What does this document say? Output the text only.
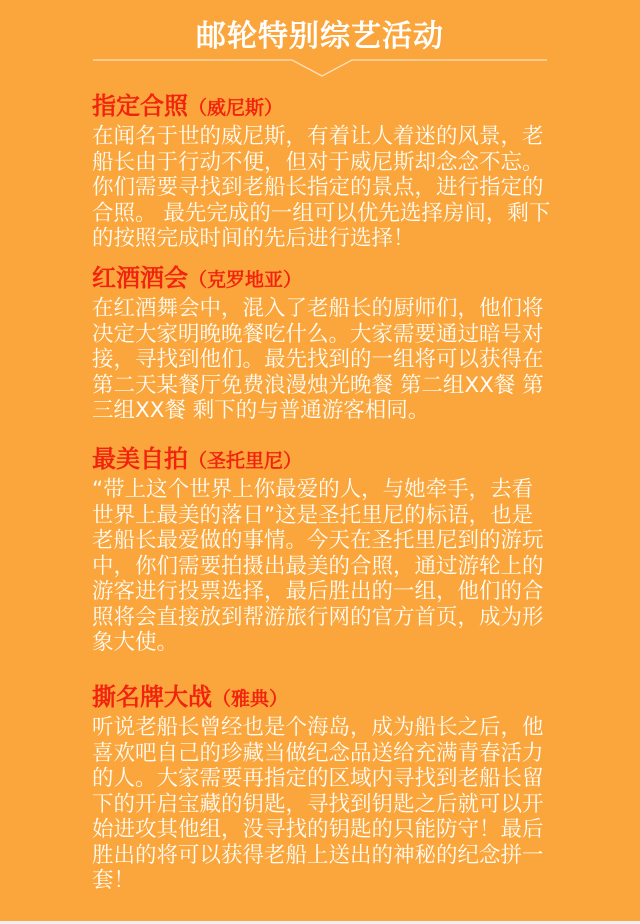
邮轮特别综艺活动
指定合照（威尼斯）
在闻名于世的威尼斯，有着让人着迷的风景，老船长由于行动不便，但对于威尼斯却念念不忘。你们需要寻找到老船长指定的景点，进行指定的合照。 最先完成的一组可以优先选择房间，剩下的按照完成时间的先后进行选择！
红酒酒会（克罗地亚）
在红酒舞会中，混入了老船长的厨师们，他们将决定大家明晚晚餐吃什么。大家需要通过暗号对接，寻找到他们。最先找到的一组将可以获得在第二天某餐厅免费浪漫烛光晚餐 第二组XX餐 第三组XX餐 剩下的与普通游客相同。
最美自拍（圣托里尼）
“带上这个世界上你最爱的人，与她牵手，去看世界上最美的落日”这是圣托里尼的标语，也是老船长最爱做的事情。今天在圣托里尼到的游玩中，你们需要拍摄出最美的合照，通过游轮上的游客进行投票选择，最后胜出的一组，他们的合照将会直接放到帮游旅行网的官方首页，成为形象大使。
撕名牌大战（雅典）
听说老船长曾经也是个海岛，成为船长之后，他喜欢吧自己的珍藏当做纪念品送给充满青春活力的人。大家需要再指定的区域内寻找到老船长留下的开启宝藏的钥匙，寻找到钥匙之后就可以开始进攻其他组，没寻找的钥匙的只能防守！最后胜出的将可以获得老船上送出的神秘的纪念拼一套！
